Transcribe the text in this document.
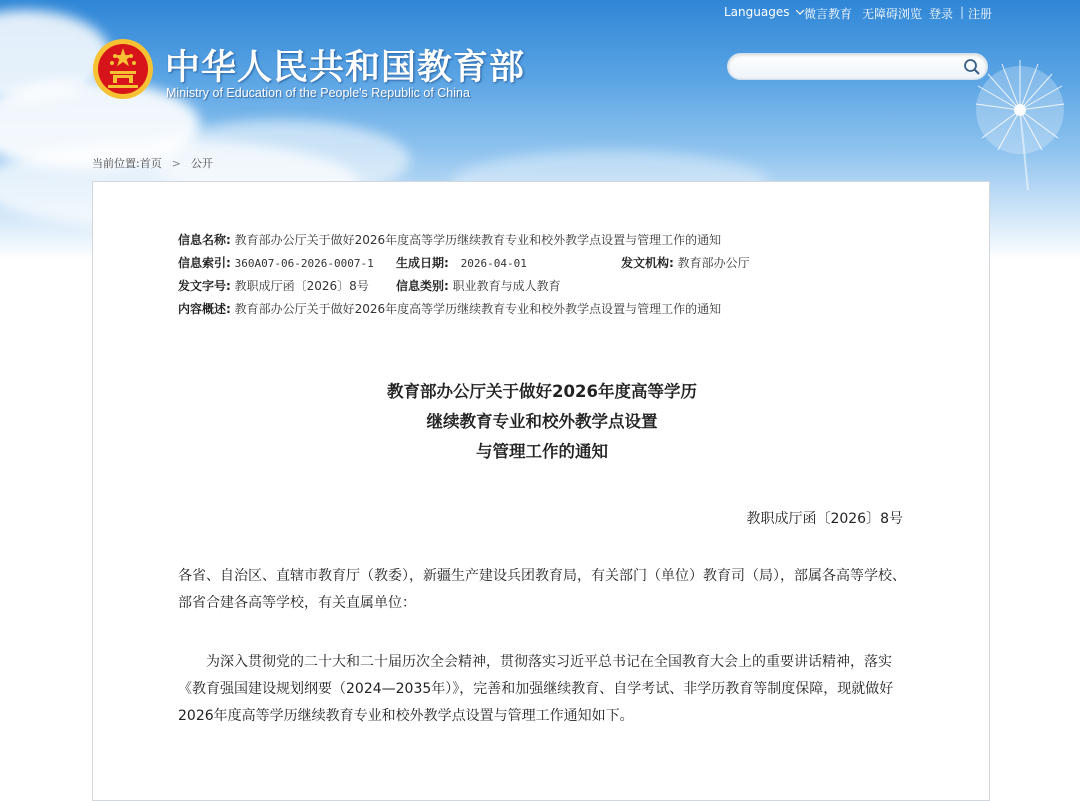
中华人民共和国教育部
Ministry of Education of the People's Republic of China
Languages	微言教育 无障碍浏览 登录 | 注册
当前位置:首页 > 公开
信息名称: 教育部办公厅关于做好2026年度高等学历继续教育专业和校外教学点设置与管理工作的通知
信息索引: 360A07-06-2026-0007-1 生成日期: 2026-04-01	发文机构: 教育部办公厅
发文字号: 教职成厅函〔2026〕8号 信息类别: 职业教育与成人教育
内容概述: 教育部办公厅关于做好2026年度高等学历继续教育专业和校外教学点设置与管理工作的通知
教育部办公厅关于做好2026年度高等学历
继续教育专业和校外教学点设置
与管理工作的通知
教职成厅函〔2026〕8号

各省、自治区、直辖市教育厅（教委），新疆生产建设兵团教育局，有关部门（单位）教育司（局），部属各高等学校、部省合建各高等学校，有关直属单位：

为深入贯彻党的二十大和二十届历次全会精神，贯彻落实习近平总书记在全国教育大会上的重要讲话精神，落实《教育强国建设规划纲要（2024—2035年）》，完善和加强继续教育、自学考试、非学历教育等制度保障，现就做好2026年度高等学历继续教育专业和校外教学点设置与管理工作通知如下。
